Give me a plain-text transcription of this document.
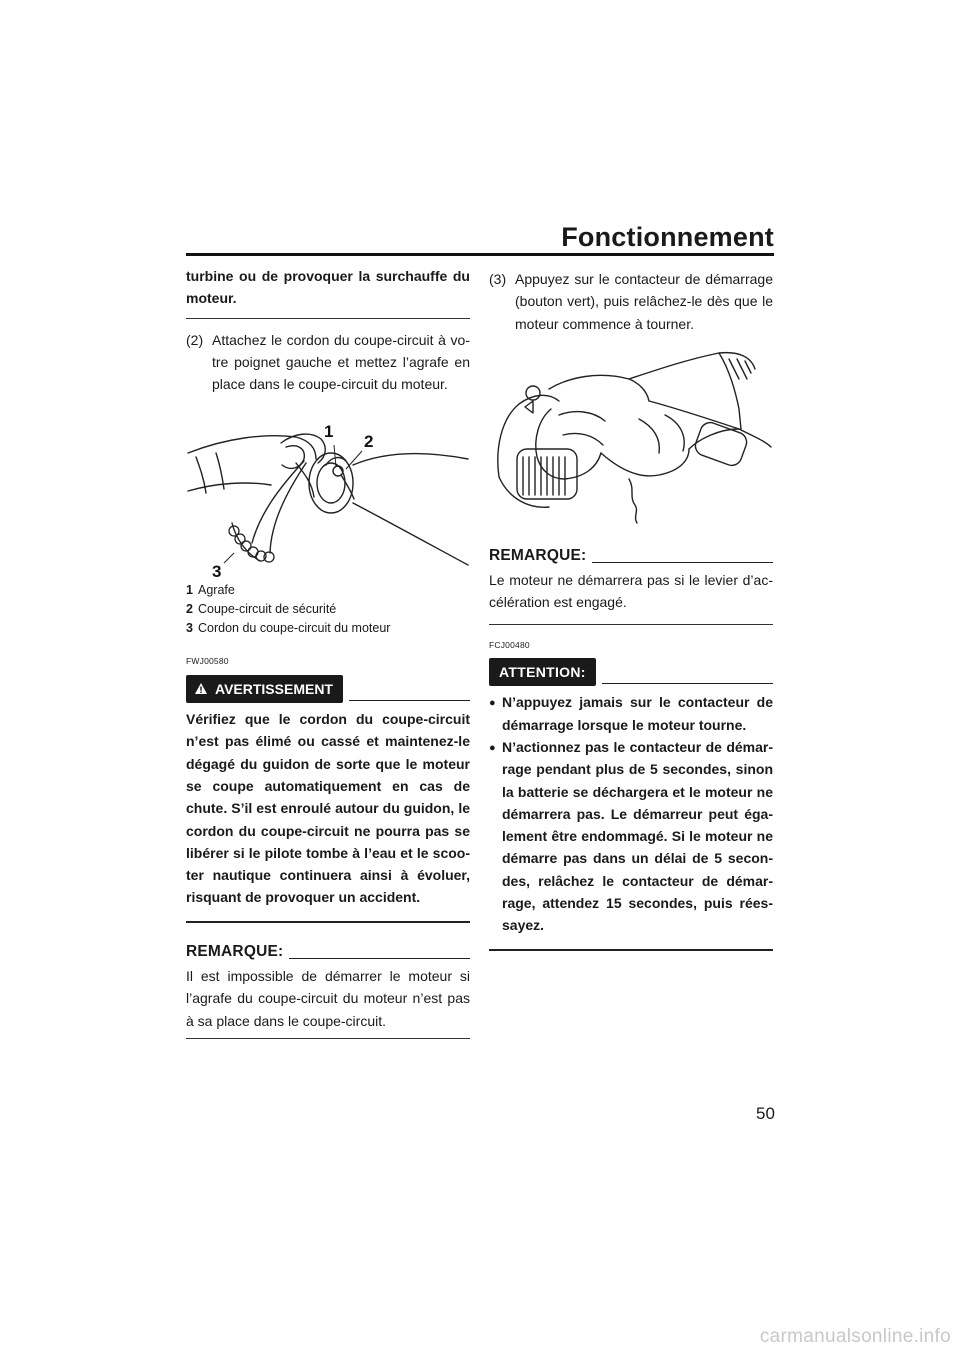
Fonctionnement

turbine ou de provoquer la surchauffe du moteur.

(2) Attachez le cordon du coupe-circuit à vo-tre poignet gauche et mettez l’agrafe en place dans le coupe-circuit du moteur.
1
2
3
1 Agrafe
2 Coupe-circuit de sécurité
3 Cordon du coupe-circuit du moteur
FWJ00580
AVERTISSEMENT

Vérifiez que le cordon du coupe-circuit n’est pas élimé ou cassé et maintenez-le dégagé du guidon de sorte que le moteur se coupe automatiquement en cas de chute. S’il est enroulé autour du guidon, le cordon du coupe-circuit ne pourra pas se libérer si le pilote tombe à l’eau et le scoo-ter nautique continuera ainsi à évoluer, risquant de provoquer un accident.

REMARQUE:

Il est impossible de démarrer le moteur si l’agrafe du coupe-circuit du moteur n’est pas à sa place dans le coupe-circuit.

(3) Appuyez sur le contacteur de démarrage (bouton vert), puis relâchez-le dès que le moteur commence à tourner.
REMARQUE:

Le moteur ne démarrera pas si le levier d’ac-célération est engagé.

FCJ00480
ATTENTION:
● N’appuyez jamais sur le contacteur de démarrage lorsque le moteur tourne.
● N’actionnez pas le contacteur de démar-rage pendant plus de 5 secondes, sinon la batterie se déchargera et le moteur ne démarrera pas. Le démarreur peut éga-lement être endommagé. Si le moteur ne démarre pas dans un délai de 5 secon-des, relâchez le contacteur de démar-rage, attendez 15 secondes, puis rées-sayez.
50
carmanualsonline.info
